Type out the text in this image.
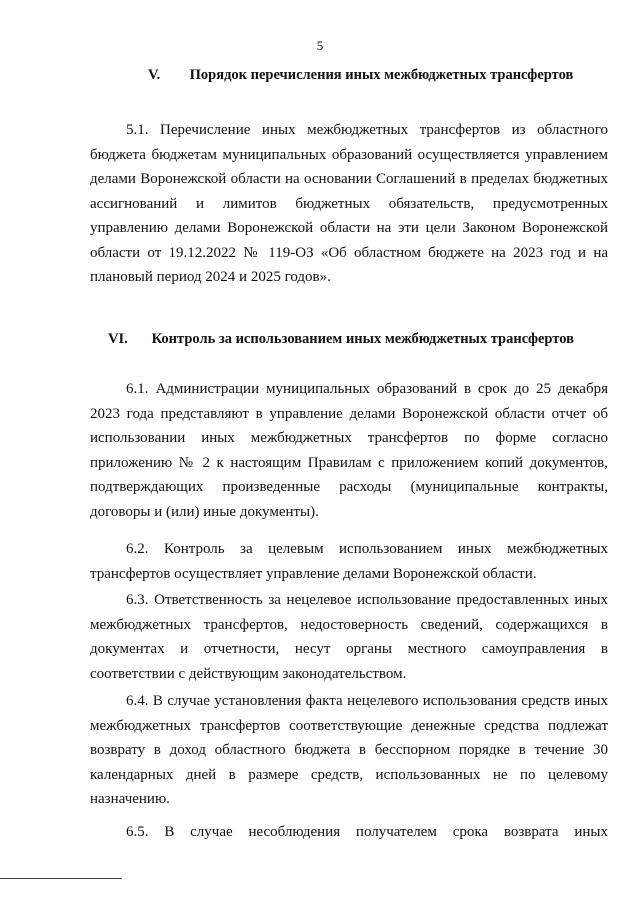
5
V. Порядок перечисления иных межбюджетных трансфертов

5.1. Перечисление иных межбюджетных трансфертов из областного бюджета бюджетам муниципальных образований осуществляется управлением делами Воронежской области на основании Соглашений в пределах бюджетных ассигнований и лимитов бюджетных обязательств, предусмотренных управлению делами Воронежской области на эти цели Законом Воронежской области от 19.12.2022 № 119-ОЗ «Об областном бюджете на 2023 год и на плановый период 2024 и 2025 годов».

VI. Контроль за использованием иных межбюджетных трансфертов

6.1. Администрации муниципальных образований в срок до 25 декабря 2023 года представляют в управление делами Воронежской области отчет об использовании иных межбюджетных трансфертов по форме согласно приложению № 2 к настоящим Правилам с приложением копий документов, подтверждающих произведенные расходы (муниципальные контракты, договоры и (или) иные документы).

6.2. Контроль за целевым использованием иных межбюджетных трансфертов осуществляет управление делами Воронежской области.

6.3. Ответственность за нецелевое использование предоставленных иных межбюджетных трансфертов, недостоверность сведений, содержащихся в документах и отчетности, несут органы местного самоуправления в соответствии с действующим законодательством.

6.4. В случае установления факта нецелевого использования средств иных межбюджетных трансфертов соответствующие денежные средства подлежат возврату в доход областного бюджета в бесспорном порядке в течение 30 календарных дней в размере средств, использованных не по целевому назначению.

6.5. В случае несоблюдения получателем срока возврата иных
